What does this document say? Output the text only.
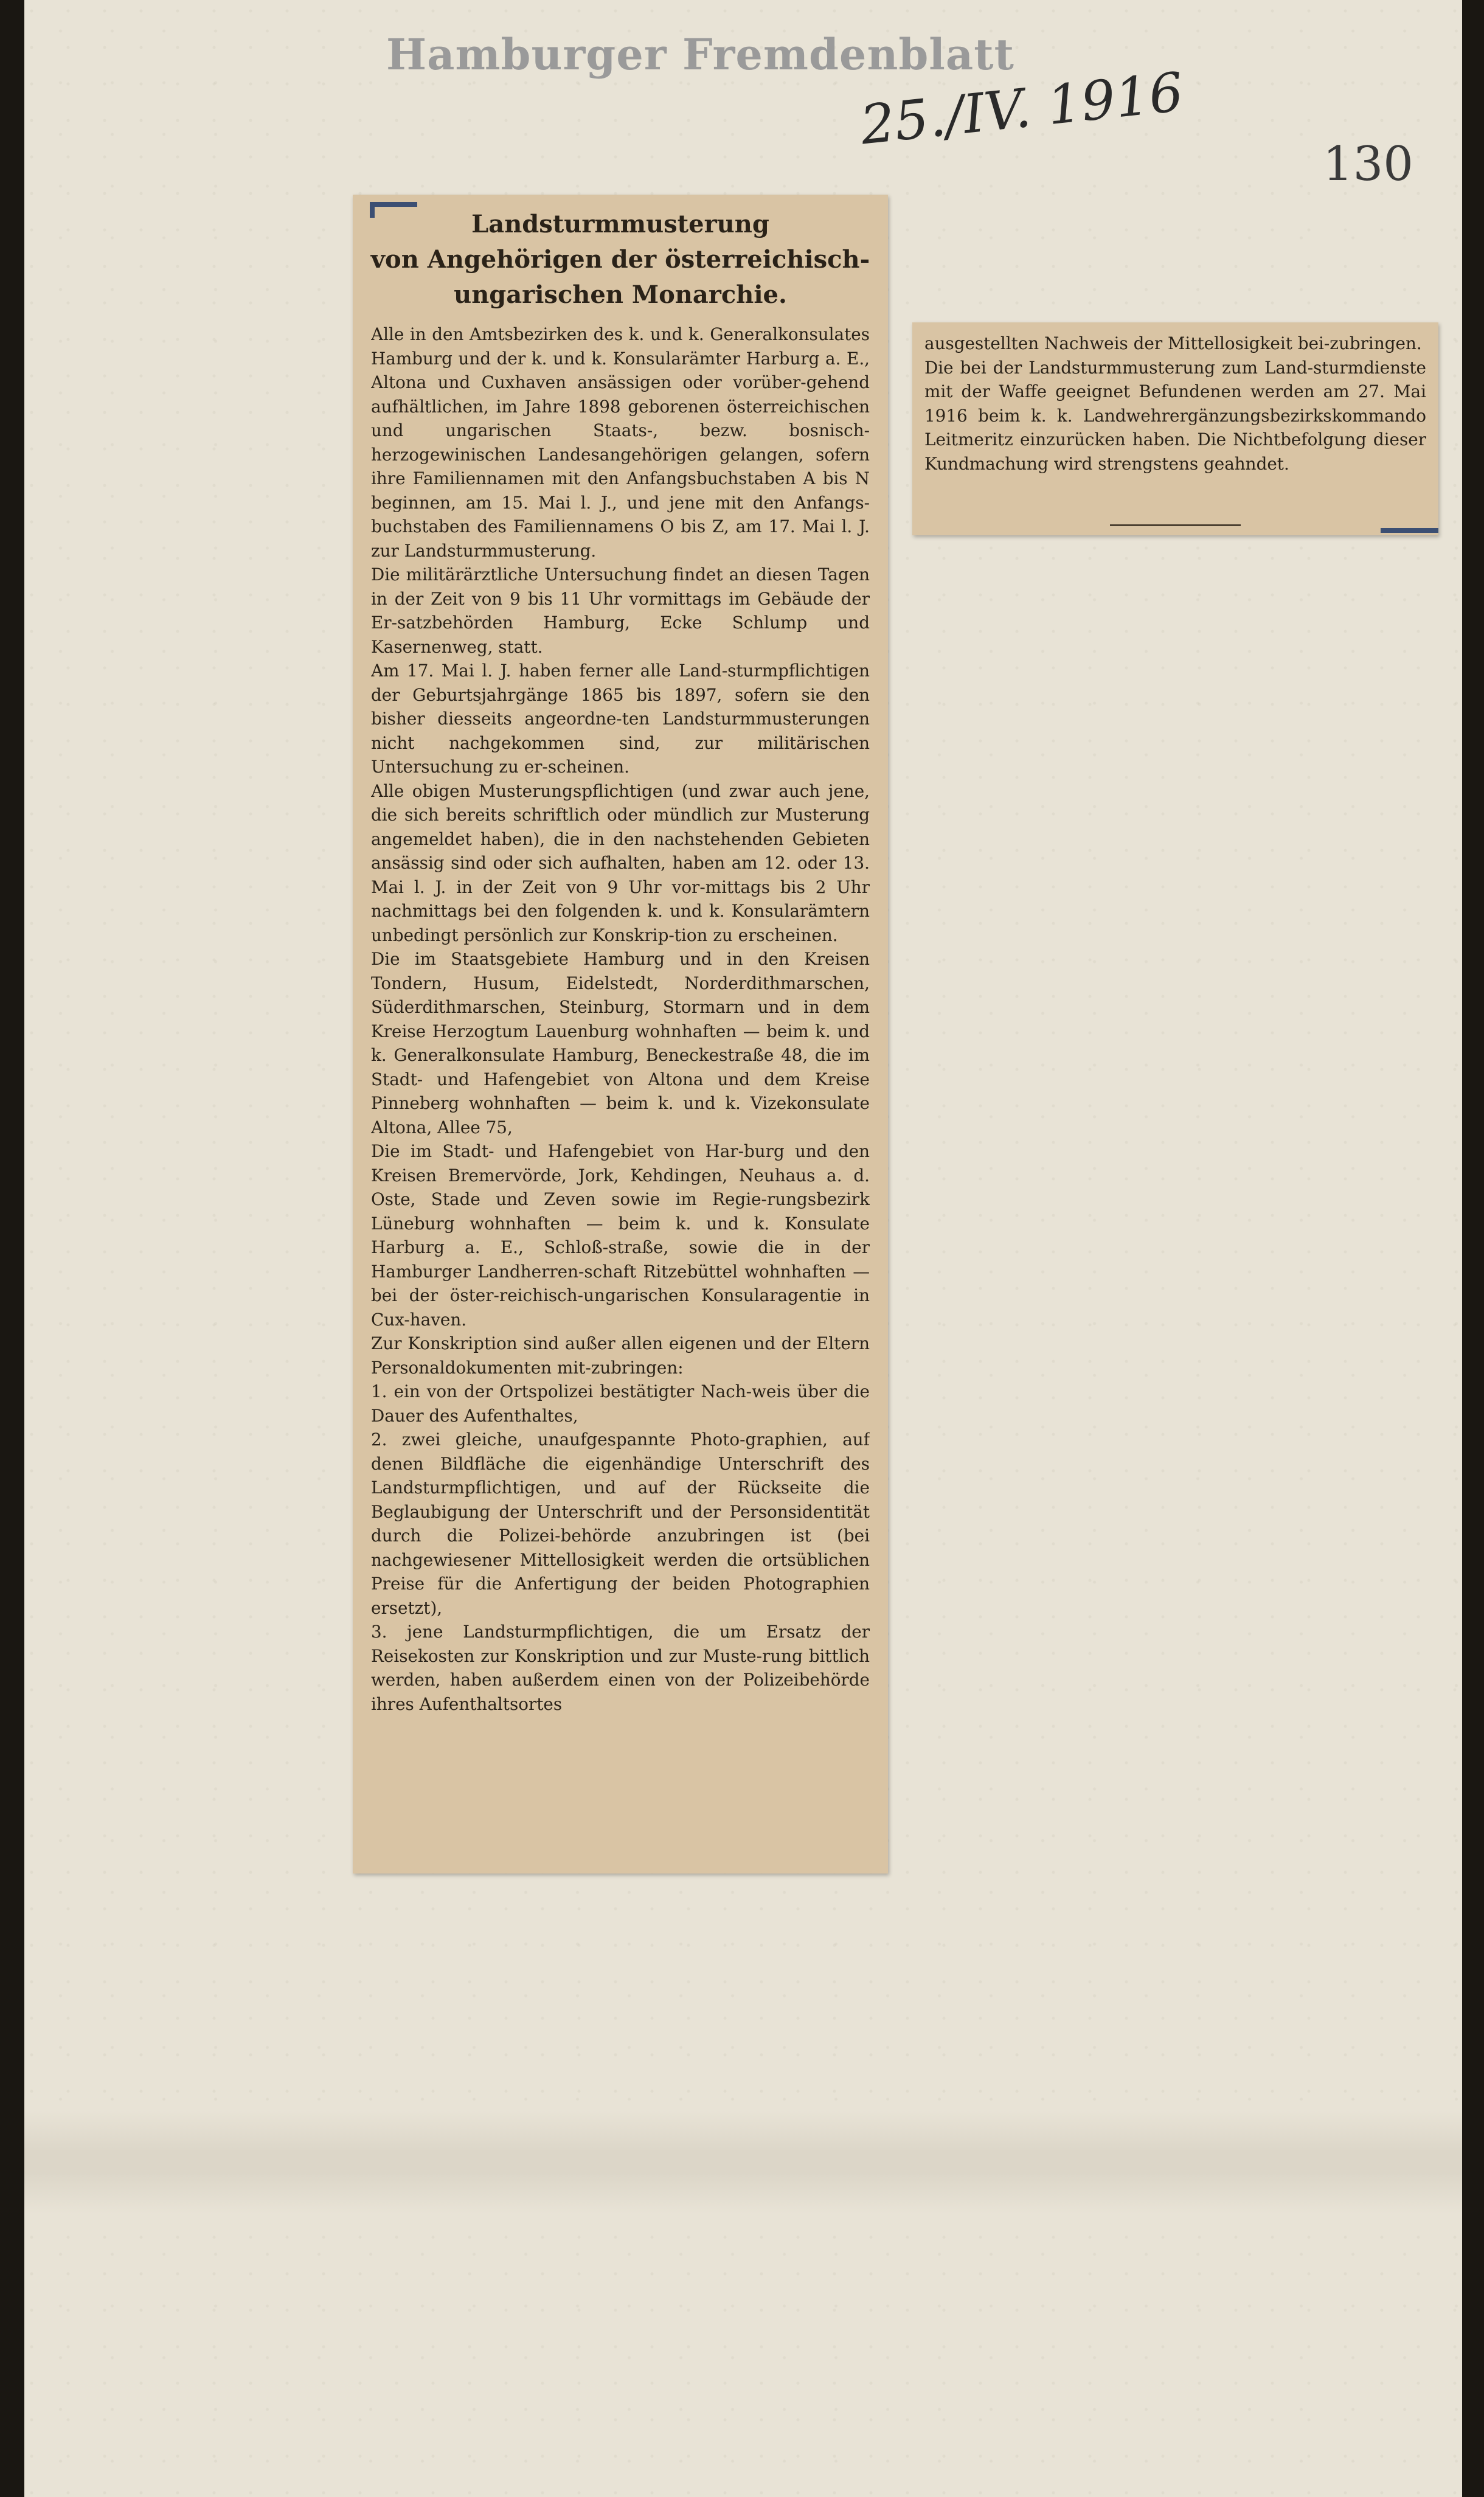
Hamburger Fremdenblatt
25./IV. 1916
130
Landsturmmusterung
von Angehörigen der österreichisch-
ungarischen Monarchie.
Alle in den Amtsbezirken des k. und k. Generalkonsulates Hamburg und der k. und k. Konsularämter Harburg a. E., Altona und Cuxhaven ansässigen oder vorüber-gehend aufhältlichen, im Jahre 1898 geborenen österreichischen und ungarischen Staats-, bezw. bosnisch-herzogewinischen Landesangehörigen gelangen, sofern ihre Familiennamen mit den Anfangsbuchstaben A bis N beginnen, am 15. Mai l. J., und jene mit den Anfangs-buchstaben des Familiennamens O bis Z, am 17. Mai l. J. zur Landsturmmusterung.
Die militärärztliche Untersuchung findet an diesen Tagen in der Zeit von 9 bis 11 Uhr vormittags im Gebäude der Er-satzbehörden Hamburg, Ecke Schlump und Kasernenweg, statt.
Am 17. Mai l. J. haben ferner alle Land-sturmpflichtigen der Geburtsjahrgänge 1865 bis 1897, sofern sie den bisher diesseits angeordne-ten Landsturmmusterungen nicht nachgekommen sind, zur militärischen Untersuchung zu er-scheinen.
Alle obigen Musterungspflichtigen (und zwar auch jene, die sich bereits schriftlich oder mündlich zur Musterung angemeldet haben), die in den nachstehenden Gebieten ansässig sind oder sich aufhalten, haben am 12. oder 13. Mai l. J. in der Zeit von 9 Uhr vor-mittags bis 2 Uhr nachmittags bei den folgenden k. und k. Konsularämtern unbedingt persönlich zur Konskrip-tion zu erscheinen.
Die im Staatsgebiete Hamburg und in den Kreisen Tondern, Husum, Eidelstedt, Norderdithmarschen, Süderdithmarschen, Steinburg, Stormarn und in dem Kreise Herzogtum Lauenburg wohnhaften — beim k. und k. Generalkonsulate Hamburg, Beneckestraße 48, die im Stadt- und Hafengebiet von Altona und dem Kreise Pinneberg wohnhaften — beim k. und k. Vizekonsulate Altona, Allee 75,
Die im Stadt- und Hafengebiet von Har-burg und den Kreisen Bremervörde, Jork, Kehdingen, Neuhaus a. d. Oste, Stade und Zeven sowie im Regie-rungsbezirk Lüneburg wohnhaften — beim k. und k. Konsulate Harburg a. E., Schloß-straße, sowie die in der Hamburger Landherren-schaft Ritzebüttel wohnhaften — bei der öster-reichisch-ungarischen Konsularagentie in Cux-haven.
Zur Konskription sind außer allen eigenen und der Eltern Personaldokumenten mit-zubringen:
1. ein von der Ortspolizei bestätigter Nach-weis über die Dauer des Aufenthaltes,
2. zwei gleiche, unaufgespannte Photo-graphien, auf denen Bildfläche die eigenhändige Unterschrift des Landsturmpflichtigen, und auf der Rückseite die Beglaubigung der Unterschrift und der Personsidentität durch die Polizei-behörde anzubringen ist (bei nachgewiesener Mittellosigkeit werden die ortsüblichen Preise für die Anfertigung der beiden Photographien ersetzt),
3. jene Landsturmpflichtigen, die um Ersatz der Reisekosten zur Konskription und zur Muste-rung bittlich werden, haben außerdem einen von der Polizeibehörde ihres Aufenthaltsortes
ausgestellten Nachweis der Mittellosigkeit bei-zubringen.
Die bei der Landsturmmusterung zum Land-sturmdienste mit der Waffe geeignet Befundenen werden am 27. Mai 1916 beim k. k. Landwehrergänzungsbezirkskommando Leitmeritz einzurücken haben. Die Nichtbefolgung dieser Kundmachung wird strengstens geahndet.
